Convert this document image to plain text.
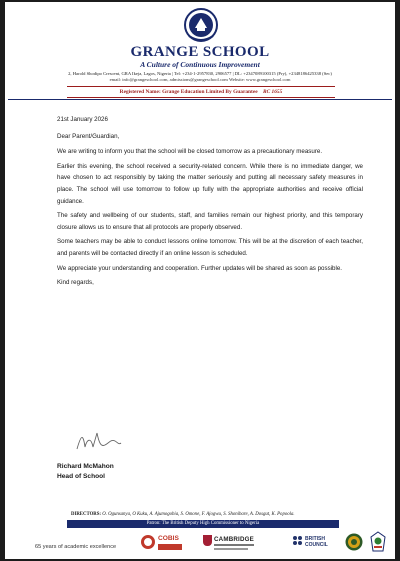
GRANGE SCHOOL
A Culture of Continuous Improvement
2, Harold Shodipo Crescent, GRA Ikeja, Lagos, Nigeria | Tel: +234-1-2957830, 2906577 | DL: +2347089100315 (Pry), +2348186425338 (Sec)
email: info@grangeschool.com, admissions@grangeschool.com Website: www.grangeschool.com
Registered Name: Grange Education Limited By Guarantee RC 1655

21st January 2026

Dear Parent/Guardian,

We are writing to inform you that the school will be closed tomorrow as a precautionary measure.

Earlier this evening, the school received a security-related concern. While there is no immediate danger, we have chosen to act responsibly by taking the matter seriously and putting all necessary safety measures in place. The school will use tomorrow to follow up fully with the appropriate authorities and receive official guidance.

The safety and wellbeing of our students, staff, and families remain our highest priority, and this temporary closure allows us to ensure that all protocols are properly observed.

Some teachers may be able to conduct lessons online tomorrow. This will be at the discretion of each teacher, and parents will be contacted directly if an online lesson is scheduled.

We appreciate your understanding and cooperation. Further updates will be shared as soon as possible.

Kind regards,

Richard McMahon
Head of School
DIRECTORS: O. Ogunsanya, O Kuku, A. Ajumogobia, S. Omone, F. Ajogwu, S. Shonibare, A. Dosgut, K. Popoola.
Patron: The British Deputy High Commissioner to Nigeria
65 years of academic excellence
COBIS	CAMBRIDGE	BRITISH COUNCIL
